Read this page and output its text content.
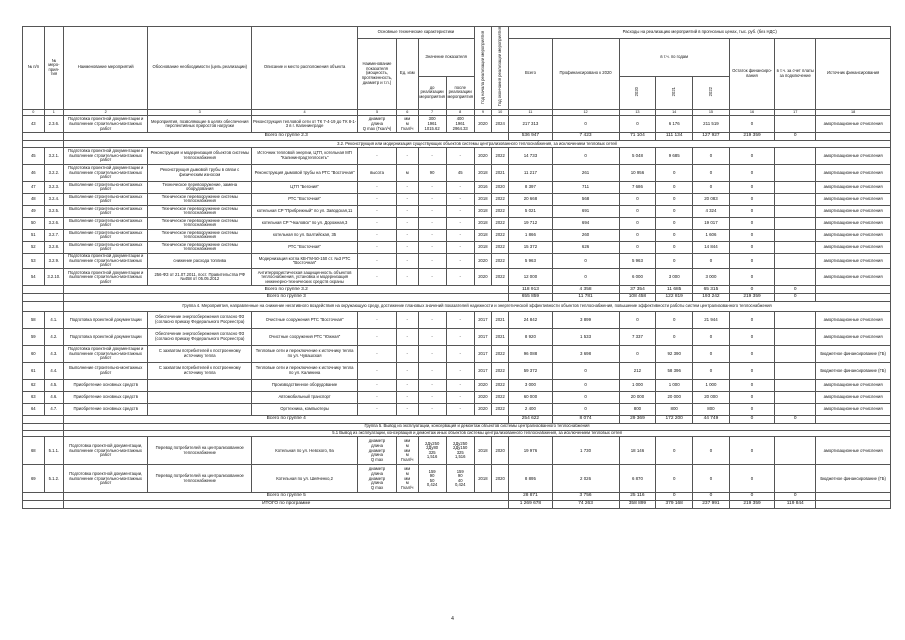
№ п/п	№ меро-прия-тия	Наименование мероприятий	Обоснование необходимости (цель реализации)	Описание и место расположения объекта	Основные технические характеристики				Год начала реализации мероприятия	Год окончания реализации мероприятия	Расходы на реализацию мероприятий в прогнозных ценах, тыс. руб. (без НДС)							
					Наименование показателя (мощность, протяженность, диаметр и т.п.)	Ед. изм	Значение показателя				Всего	Профинансировано к 2020	в т.ч. по годам			Остаток финансиро-вания	в т.ч. за счет платы за подключение	Источник финансирования
							до реализации мероприятия	после реализации мероприятия					2020	2021	2022			
0	1	2	3	4	5	6	7	8	9	10	11	12	13	14	15	16	17	18
43	2.3.6.	Подготовка проектной документации и выполнение строительно-монтажных работ	Мероприятия, позволяющие в целях обеспечения перспективных приростов нагрузки	Реконструкция тепловой сети от ТК 7-4-19 до ТК 8-1-3 в г. Калининграде	диаметр
длина
Q max (Гкал/ч)	мм
м
Гкал/ч	300
1961
1015.62	400
1961
2964.33	2020	2024	217 313	0	0	6 176	211 519	0		амортизационные отчисления
		Всего по группе 2.3									536 947	7 423	71 104	111 134	127 927	219 359	0	
		3.2. Реконструкция или модернизация существующих объектов системы централизованного теплоснабжения, за исключением тепловых сетей																
45	3.2.1.	Подготовка проектной документации и выполнение строительно-монтажных работ	Реконструкция и модернизация объектов системы теплоснабжения	Источник тепловой энергии, ЦТП, котельная МП "Калининградтеплосеть"	-	-	-	-	2020	2022	14 733	0	5 048	9 685	0	0		амортизационные отчисления
46	3.2.2.	Подготовка проектной документации и выполнение строительно-монтажных работ	Реконструкция дымовой трубы в связи с физическим износом	Реконструкция дымовой трубы на РТС "Восточная"	высота	м	90	45	2018	2021	11 217	261	10 956	0	0	0		амортизационные отчисления
47	3.2.3.	Выполнение строительно-монтажных работ	Техническое перевооружение, замена оборудования	ЦТП "Бегония"	-	-	-	-	2016	2020	8 397	711	7 686	0	0	0		амортизационные отчисления
48	3.2.4.	Выполнение строительно-монтажных работ	Техническое перевооружение системы теплоснабжения	РТС "Восточная"	-	-	-	-	2018	2022	20 668	568	0	0	20 083	0		амортизационные отчисления
49	3.2.5.	Выполнение строительно-монтажных работ	Техническое перевооружение системы теплоснабжения	котельная СР "Прибрежный" по ул. Заводская,11	-	-	-	-	2018	2022	5 021	691	0	0	4 324	0		амортизационные отчисления
50	3.2.6.	Выполнение строительно-монтажных работ	Техническое перевооружение системы теплоснабжения	котельная СР "Чкаловск" по ул. Дорожная,3	-	-	-	-	2018	2022	19 712	694	0	0	19 017	0		амортизационные отчисления
51	3.2.7.	Выполнение строительно-монтажных работ	Техническое перевооружение системы теплоснабжения	котельная по ул. Балтийская, 35	-	-	-	-	2018	2022	1 866	260	0	0	1 606	0		амортизационные отчисления
52	3.2.8.	Выполнение строительно-монтажных работ	Техническое перевооружение системы теплоснабжения	РТС "Восточная"	-	-	-	-	2018	2022	15 372	626	0	0	14 844	0		амортизационные отчисления
53	3.2.9.	Подготовка проектной документации и выполнение строительно-монтажных работ	снижение расхода топлива	Модернизация котла КВ-ГМ-50-150 ст. №3 РТС "Восточная"	-	-	-	-	2020	2022	5 963	0	5 963	0	0	0		амортизационные отчисления
54	3.2.10.	Подготовка проектной документации и выполнение строительно-монтажных работ	256-ФЗ от 21.07.2011, пост. Правительства РФ №458 от 05.05.2012	Антитеррористическая защищенность объектов теплоснабжения, установка и модернизация инженерно-технических средств охраны	-	-	-	-	2020	2022	12 000	0	6 000	3 000	3 000	0		амортизационные отчисления
		Всего по группе 3.2									118 913	4 358	37 354	11 685	65 315	0	0	
		Всего по группе 3									655 859	11 781	108 458	122 819	193 242	219 359	0	
		Группа 4. Мероприятия, направленные на снижение негативного воздействия на окружающую среду, достижение плановых значений показателей надежности и энергетической эффективности объектов теплоснабжения, повышение эффективности работы систем централизованного теплоснабжения																
58	4.1.	Подготовка проектной документации	Обеспечение энергосбережения согласно ФЗ (согласно приказу Федерального Росреестра)	Очистные сооружения РТС "Восточная"	-	-	-	-	2017	2021	24 842	3 899	0	0	21 944	0		амортизационные отчисления
59	4.2.	Подготовка проектной документации	Обеспечение энергосбережения согласно ФЗ (согласно приказу Федерального Росреестра)	Очистные сооружения РТС "Южная"	-	-	-	-	2017	2021	8 920	1 533	7 337	0	0	0		амортизационные отчисления
60	4.3.	Подготовка проектной документации и выполнение строительно-монтажных работ	С захватом потребителей к построенному источнику тепла	Тепловые сети и переключение к источнику тепла по ул. Чувашская	-	-	-	-	2017	2022	96 088	3 698	0	92 390	0	0		Бюджетное финансирование (ГБ)
61	4.4.	Выполнение строительно-монтажных работ	С захватом потребителей к построенному источнику тепла	Тепловые сети и переключение к источнику тепла по ул. Калинина	-	-	-	-	2017	2022	59 372	0	212	58 396	0	0		Бюджетное финансирование (ГБ)
62	4.5.	Приобретение основных средств		Производственное оборудование	-	-	-	-	2020	2022	3 000	0	1 000	1 000	1 000	0		амортизационные отчисления
63	4.6.	Приобретение основных средств		Автомобильный транспорт	-	-	-	-	2020	2022	60 000	0	20 000	20 000	20 000	0		амортизационные отчисления
64	4.7.	Приобретение основных средств		Оргтехника, компьютеры	-	-	-	-	2020	2022	2 400	0	800	800	800	0		амортизационные отчисления
		Всего по группе 4									254 622	8 074	29 369	172 200	44 749	0	0	
		Группа 5. Вывод из эксплуатации, консервация и демонтаж объектов системы централизованного теплоснабжения																
		5.1 Вывод из эксплуатации, консервация и демонтаж иных объектов системы централизованного теплоснабжения, за исключением тепловых сетей																
68	5.1.1.	Подготовка проектной документации, выполнение строительно-монтажных работ	Перевод потребителей на централизованное теплоснабжение	Котельная по ул. Невского, 9а	диаметр
длина
диаметр
длина
Q max	мм
м
мм
м
Гкал/ч	2Ду250
2Ду80
325
1,516	2Ду250
2Ду150
325
1,516	2018	2020	19 976	1 730	18 146	0	0	0		амортизационные отчисления
69	5.1.2.	Подготовка проектной документации, выполнение строительно-монтажных работ	Перевод потребителей на централизованное теплоснабжение	Котельная по ул. Шевченко,2	диаметр
длина
диаметр
длина
Q max	мм
м
мм
м
Гкал/ч	159
90
50
0,424	159
90
40
0,424	2018	2020	8 895	2 026	6 870	0	0	0		Бюджетное финансирование (ГБ)
		Всего по группе 5									28 871	3 756	25 116	0	0	0	0	
		ИТОГО по программе									1 269 678	74 263	358 899	379 168	237 991	219 359	119 844	
4
